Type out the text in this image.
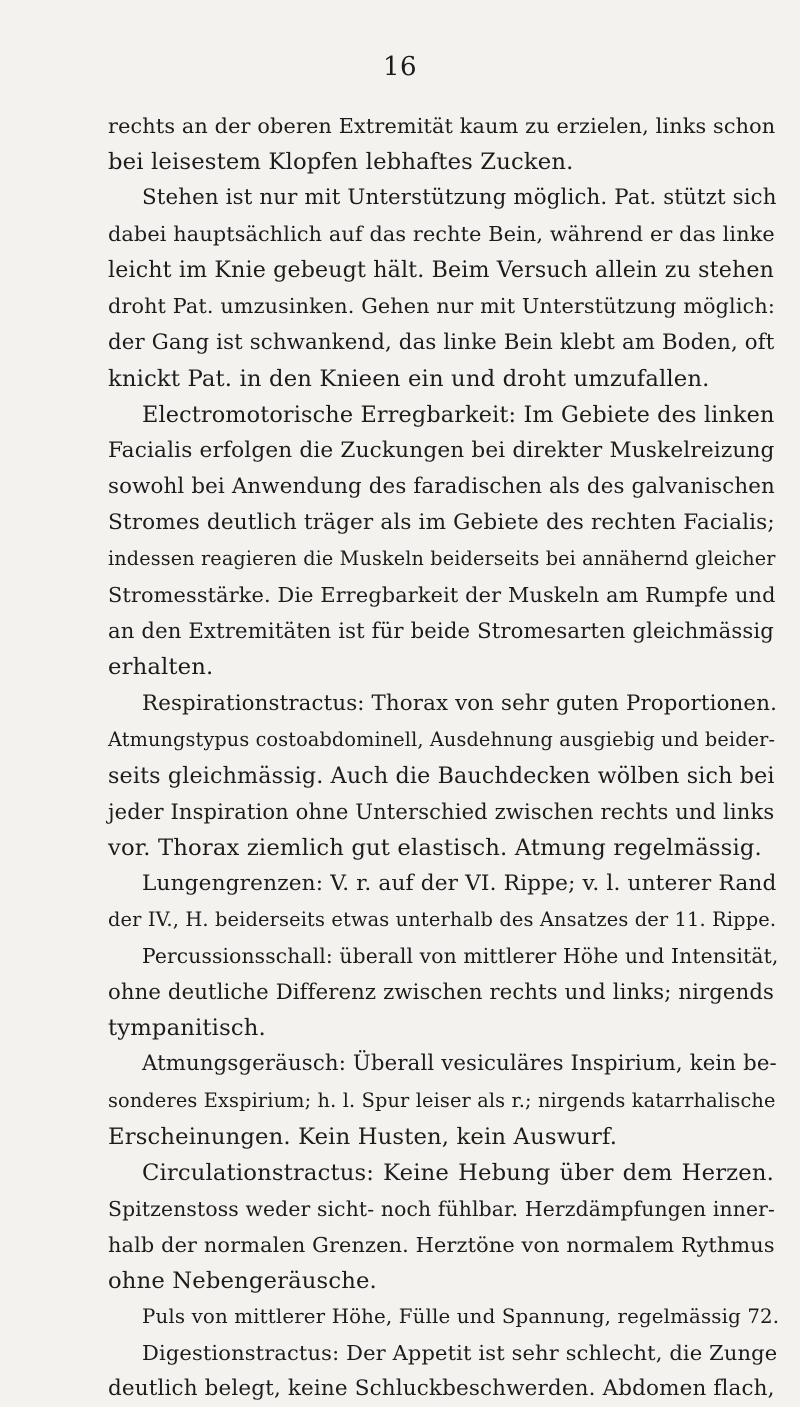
16
rechts an der oberen Extremität kaum zu erzielen, links schon
bei leisestem Klopfen lebhaftes Zucken.
Stehen ist nur mit Unterstützung möglich. Pat. stützt sich
dabei hauptsächlich auf das rechte Bein, während er das linke
leicht im Knie gebeugt hält. Beim Versuch allein zu stehen
droht Pat. umzusinken. Gehen nur mit Unterstützung möglich:
der Gang ist schwankend, das linke Bein klebt am Boden, oft
knickt Pat. in den Knieen ein und droht umzufallen.
Electromotorische Erregbarkeit: Im Gebiete des linken
Facialis erfolgen die Zuckungen bei direkter Muskelreizung
sowohl bei Anwendung des faradischen als des galvanischen
Stromes deutlich träger als im Gebiete des rechten Facialis;
indessen reagieren die Muskeln beiderseits bei annähernd gleicher
Stromesstärke. Die Erregbarkeit der Muskeln am Rumpfe und
an den Extremitäten ist für beide Stromesarten gleichmässig
erhalten.
Respirationstractus: Thorax von sehr guten Proportionen.
Atmungstypus costoabdominell, Ausdehnung ausgiebig und beider-
seits gleichmässig. Auch die Bauchdecken wölben sich bei
jeder Inspiration ohne Unterschied zwischen rechts und links
vor. Thorax ziemlich gut elastisch. Atmung regelmässig.
Lungengrenzen: V. r. auf der VI. Rippe; v. l. unterer Rand
der IV., H. beiderseits etwas unterhalb des Ansatzes der 11. Rippe.
Percussionsschall: überall von mittlerer Höhe und Intensität,
ohne deutliche Differenz zwischen rechts und links; nirgends
tympanitisch.
Atmungsgeräusch: Überall vesiculäres Inspirium, kein be-
sonderes Exspirium; h. l. Spur leiser als r.; nirgends katarrhalische
Erscheinungen. Kein Husten, kein Auswurf.
Circulationstractus: Keine Hebung über dem Herzen.
Spitzenstoss weder sicht- noch fühlbar. Herzdämpfungen inner-
halb der normalen Grenzen. Herztöne von normalem Rythmus
ohne Nebengeräusche.
Puls von mittlerer Höhe, Fülle und Spannung, regelmässig 72.
Digestionstractus: Der Appetit ist sehr schlecht, die Zunge
deutlich belegt, keine Schluckbeschwerden. Abdomen flach,
